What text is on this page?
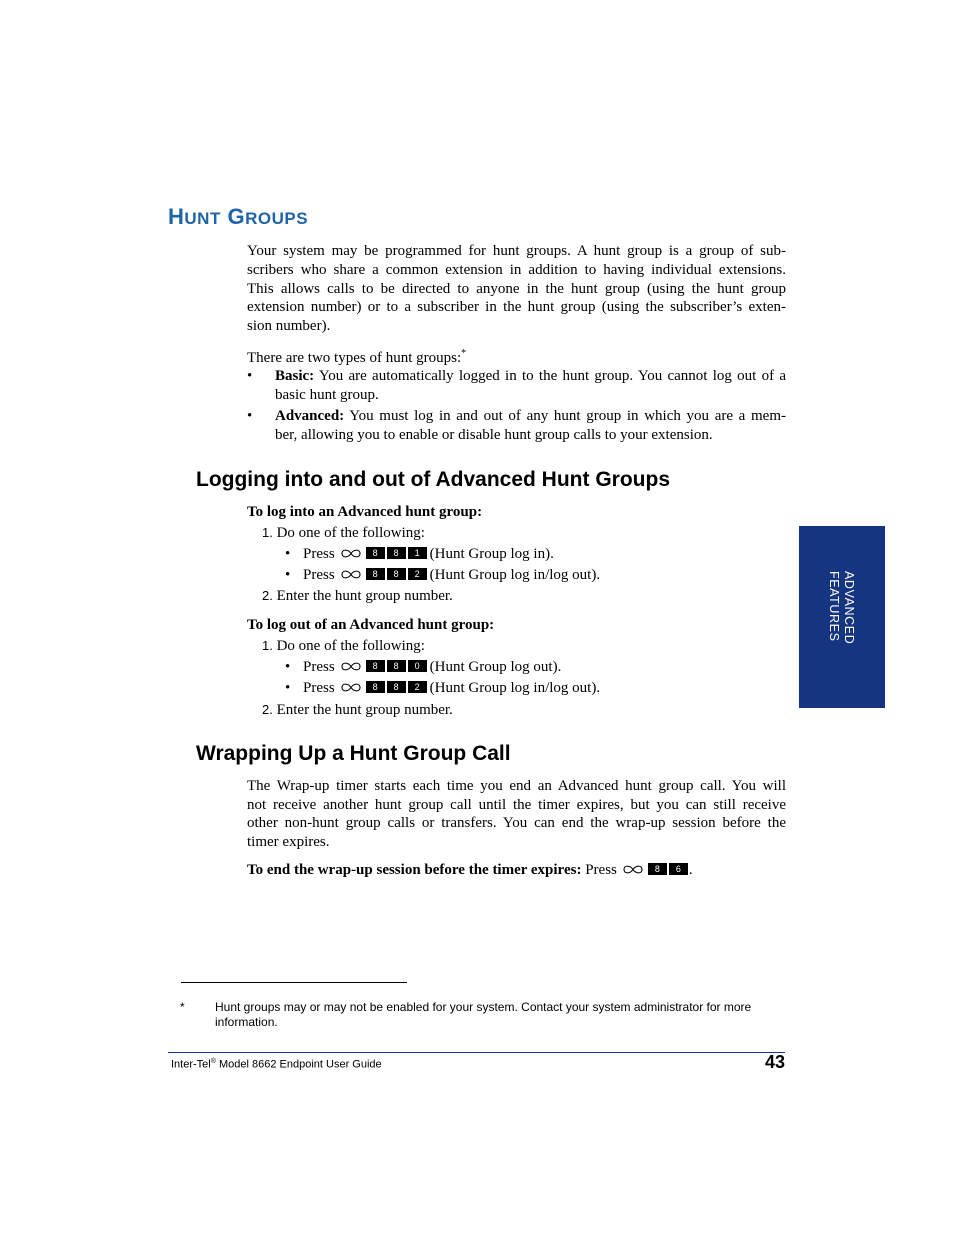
HUNT GROUPS
Your system may be programmed for hunt groups. A hunt group is a group of sub-
scribers who share a common extension in addition to having individual extensions.
This allows calls to be directed to anyone in the hunt group (using the hunt group
extension number) or to a subscriber in the hunt group (using the subscriber’s exten-
sion number).
There are two types of hunt groups:*
• Basic: You are automatically logged in to the hunt group. You cannot log out of a
basic hunt group.
• Advanced: You must log in and out of any hunt group in which you are a mem-
ber, allowing you to enable or disable hunt group calls to your extension.
Logging into and out of Advanced Hunt Groups
To log into an Advanced hunt group:
1. Do one of the following:
• Press	8 8 1 (Hunt Group log in).
• Press	8 8 2 (Hunt Group log in/log out).
2. Enter the hunt group number.
To log out of an Advanced hunt group:
1. Do one of the following:
• Press	8 8 0 (Hunt Group log out).
• Press	8 8 2 (Hunt Group log in/log out).
2. Enter the hunt group number.
Wrapping Up a Hunt Group Call
The Wrap-up timer starts each time you end an Advanced hunt group call. You will
not receive another hunt group call until the timer expires, but you can still receive
other non-hunt group calls or transfers. You can end the wrap-up session before the
timer expires.
To end the wrap-up session before the timer expires: Press	8 6 .
ADVANCED
FEATURES
*	Hunt groups may or may not be enabled for your system. Contact your system administrator for more
information.
Inter-Tel® Model 8662 Endpoint User Guide	43
